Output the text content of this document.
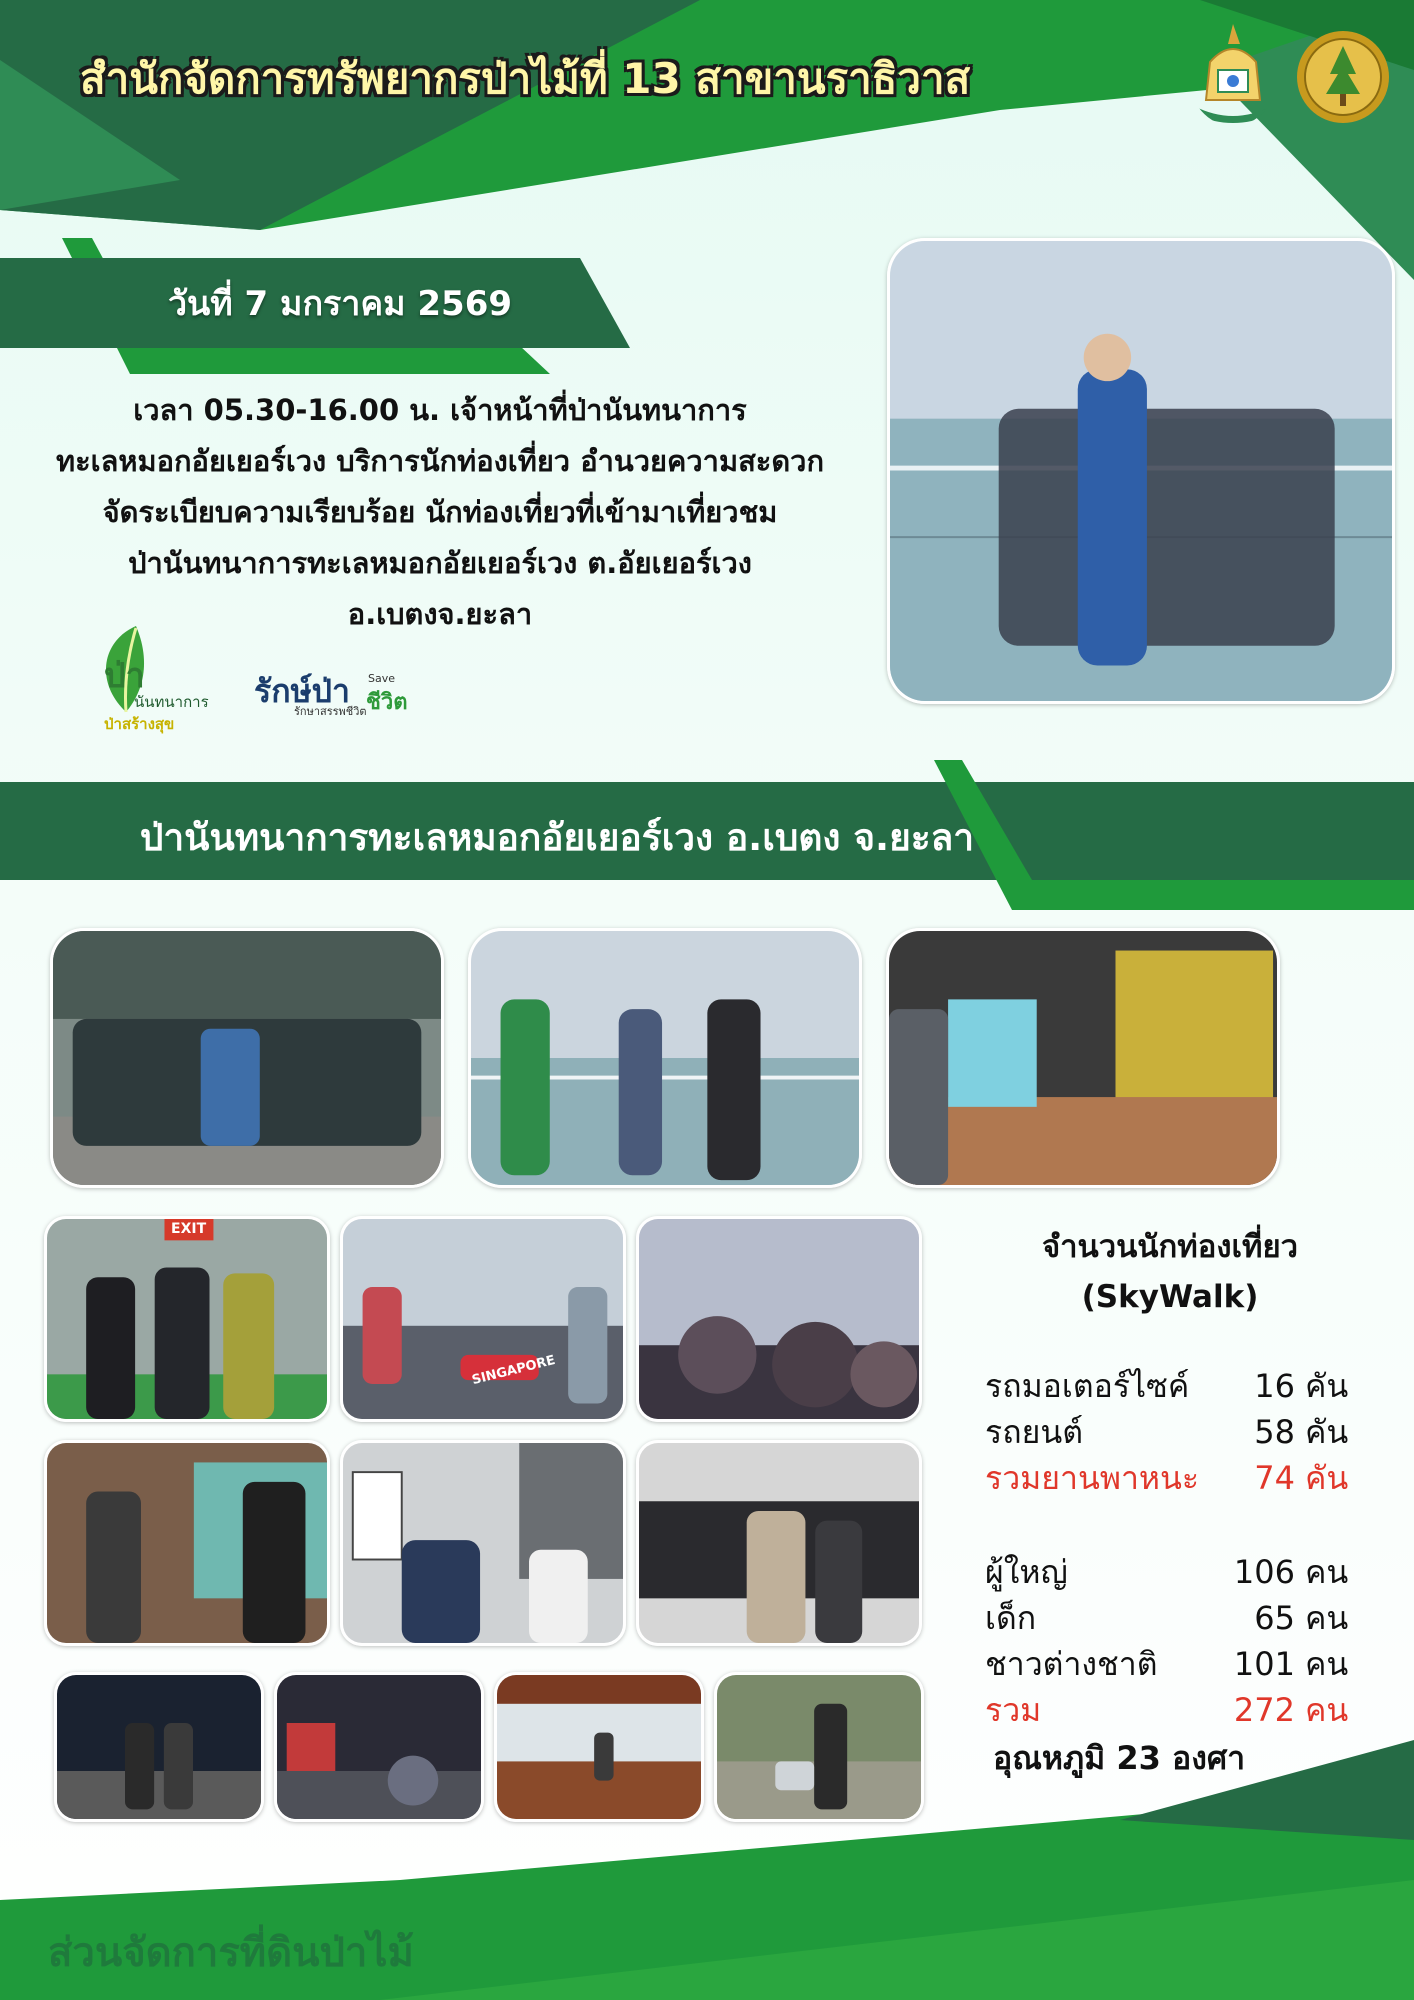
สำนักจัดการทรัพยากรป่าไม้ที่ 13 สาขานราธิวาส
วันที่ 7 มกราคม 2569
เวลา 05.30-16.00 น. เจ้าหน้าที่ป่านันทนาการ
ทะเลหมอกอัยเยอร์เวง บริการนักท่องเที่ยว อำนวยความสะดวก
จัดระเบียบความเรียบร้อย นักท่องเที่ยวที่เข้ามาเที่ยวชม
ป่านันทนาการทะเลหมอกอัยเยอร์เวง ต.อัยเยอร์เวง
อ.เบตงจ.ยะลา
ป่า
นันทนาการ
ป่าสร้างสุข
รักษ์ป่า
รักษาสรรพชีวิต
Save
ชีวิต
ป่านันทนาการทะเลหมอกอัยเยอร์เวง อ.เบตง จ.ยะลา
EXIT
SINGAPORE
จำนวนนักท่องเที่ยว
(SkyWalk)
รถมอเตอร์ไซค์ 16 คัน
รถยนต์	58 คัน
รวมยานพาหนะ 74 คัน
ผู้ใหญ่	106 คน
เด็ก	65 คน
ชาวต่างชาติ 101 คน
รวม	272 คน
อุณหภูมิ 23 องศา
ส่วนจัดการที่ดินป่าไม้
